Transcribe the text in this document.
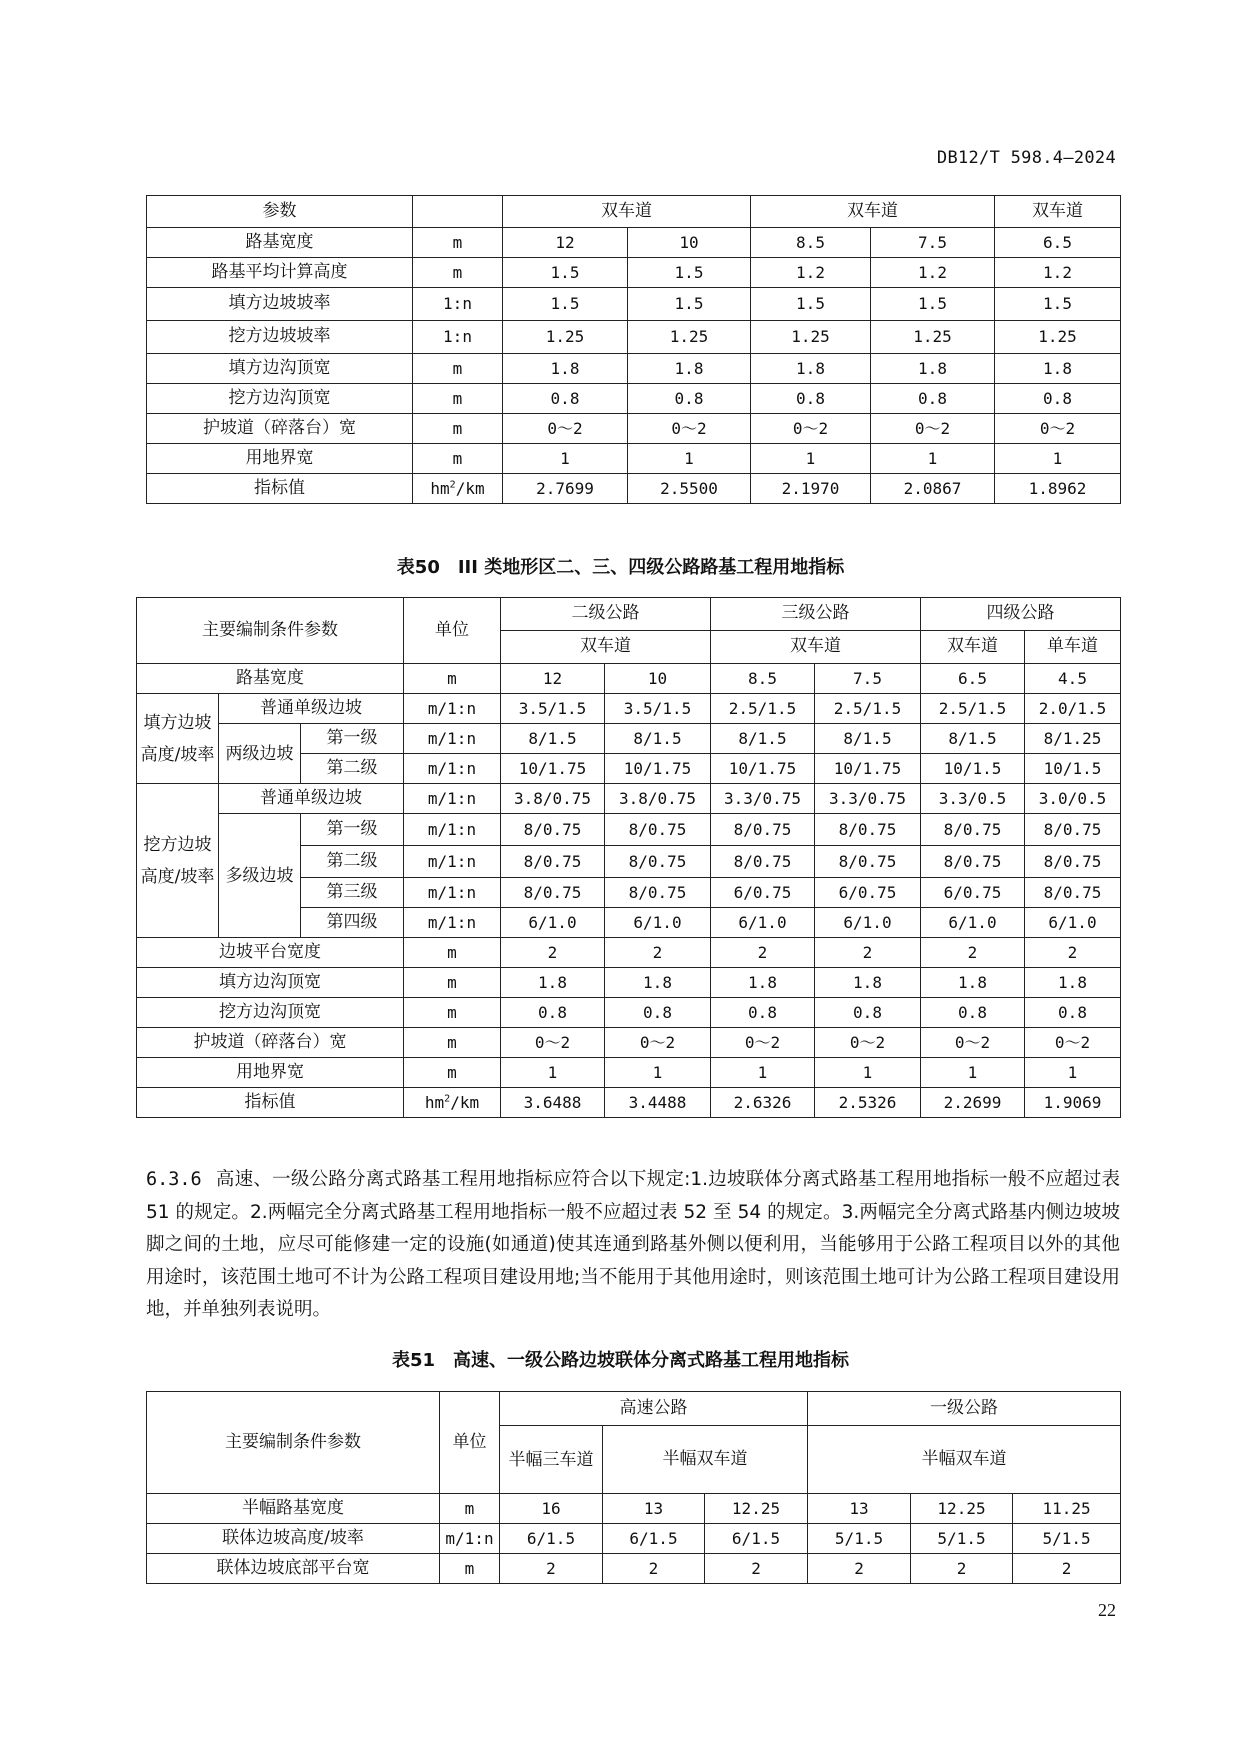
DB12/T 598.4—2024
参数		双车道		双车道		双车道
路基宽度	m	12	10	8.5	7.5	6.5
路基平均计算高度	m	1.5	1.5	1.2	1.2	1.2
填方边坡坡率	1:n	1.5	1.5	1.5	1.5	1.5
挖方边坡坡率	1:n	1.25	1.25	1.25	1.25	1.25
填方边沟顶宽	m	1.8	1.8	1.8	1.8	1.8
挖方边沟顶宽	m	0.8	0.8	0.8	0.8	0.8
护坡道（碎落台）宽	m	0～2	0～2	0～2	0～2	0～2
用地界宽	m	1	1	1	1	1
指标值	$hm^2/km$	2.7699	2.5500	2.1970	2.0867	1.8962
表50　III 类地形区二、三、四级公路路基工程用地指标
主要编制条件参数			单位	二级公路		三级公路		四级公路	
				双车道		双车道		双车道	单车道
路基宽度			m	12	10	8.5	7.5	6.5	4.5
填方边坡高度/坡率	普通单级边坡		m/1:n	3.5/1.5	3.5/1.5	2.5/1.5	2.5/1.5	2.5/1.5	2.0/1.5
	两级边坡	第一级	m/1:n	8/1.5	8/1.5	8/1.5	8/1.5	8/1.5	8/1.25
		第二级	m/1:n	10/1.75	10/1.75	10/1.75	10/1.75	10/1.5	10/1.5
挖方边坡高度/坡率	普通单级边坡		m/1:n	3.8/0.75	3.8/0.75	3.3/0.75	3.3/0.75	3.3/0.5	3.0/0.5
	多级边坡	第一级	m/1:n	8/0.75	8/0.75	8/0.75	8/0.75	8/0.75	8/0.75
		第二级	m/1:n	8/0.75	8/0.75	8/0.75	8/0.75	8/0.75	8/0.75
		第三级	m/1:n	8/0.75	8/0.75	6/0.75	6/0.75	6/0.75	8/0.75
		第四级	m/1:n	6/1.0	6/1.0	6/1.0	6/1.0	6/1.0	6/1.0
边坡平台宽度			m	2	2	2	2	2	2
填方边沟顶宽			m	1.8	1.8	1.8	1.8	1.8	1.8
挖方边沟顶宽			m	0.8	0.8	0.8	0.8	0.8	0.8
护坡道（碎落台）宽			m	0～2	0～2	0～2	0～2	0～2	0～2
用地界宽			m	1	1	1	1	1	1
指标值			$hm^2/km$	3.6488	3.4488	2.6326	2.5326	2.2699	1.9069
6.3.6 高速、一级公路分离式路基工程用地指标应符合以下规定:1.边坡联体分离式路基工程用地指标一般不应超过表 51 的规定。2.两幅完全分离式路基工程用地指标一般不应超过表 52 至 54 的规定。3.两幅完全分离式路基内侧边坡坡脚之间的土地，应尽可能修建一定的设施(如通道)使其连通到路基外侧以便利用，当能够用于公路工程项目以外的其他用途时，该范围土地可不计为公路工程项目建设用地;当不能用于其他用途时，则该范围土地可计为公路工程项目建设用地，并单独列表说明。
表51　高速、一级公路边坡联体分离式路基工程用地指标
主要编制条件参数	单位	高速公路			一级公路		
		半幅三车道	半幅双车道		半幅双车道		
半幅路基宽度	m	16	13	12.25	13	12.25	11.25
联体边坡高度/坡率	m/1:n	6/1.5	6/1.5	6/1.5	5/1.5	5/1.5	5/1.5
联体边坡底部平台宽	m	2	2	2	2	2	2
22
